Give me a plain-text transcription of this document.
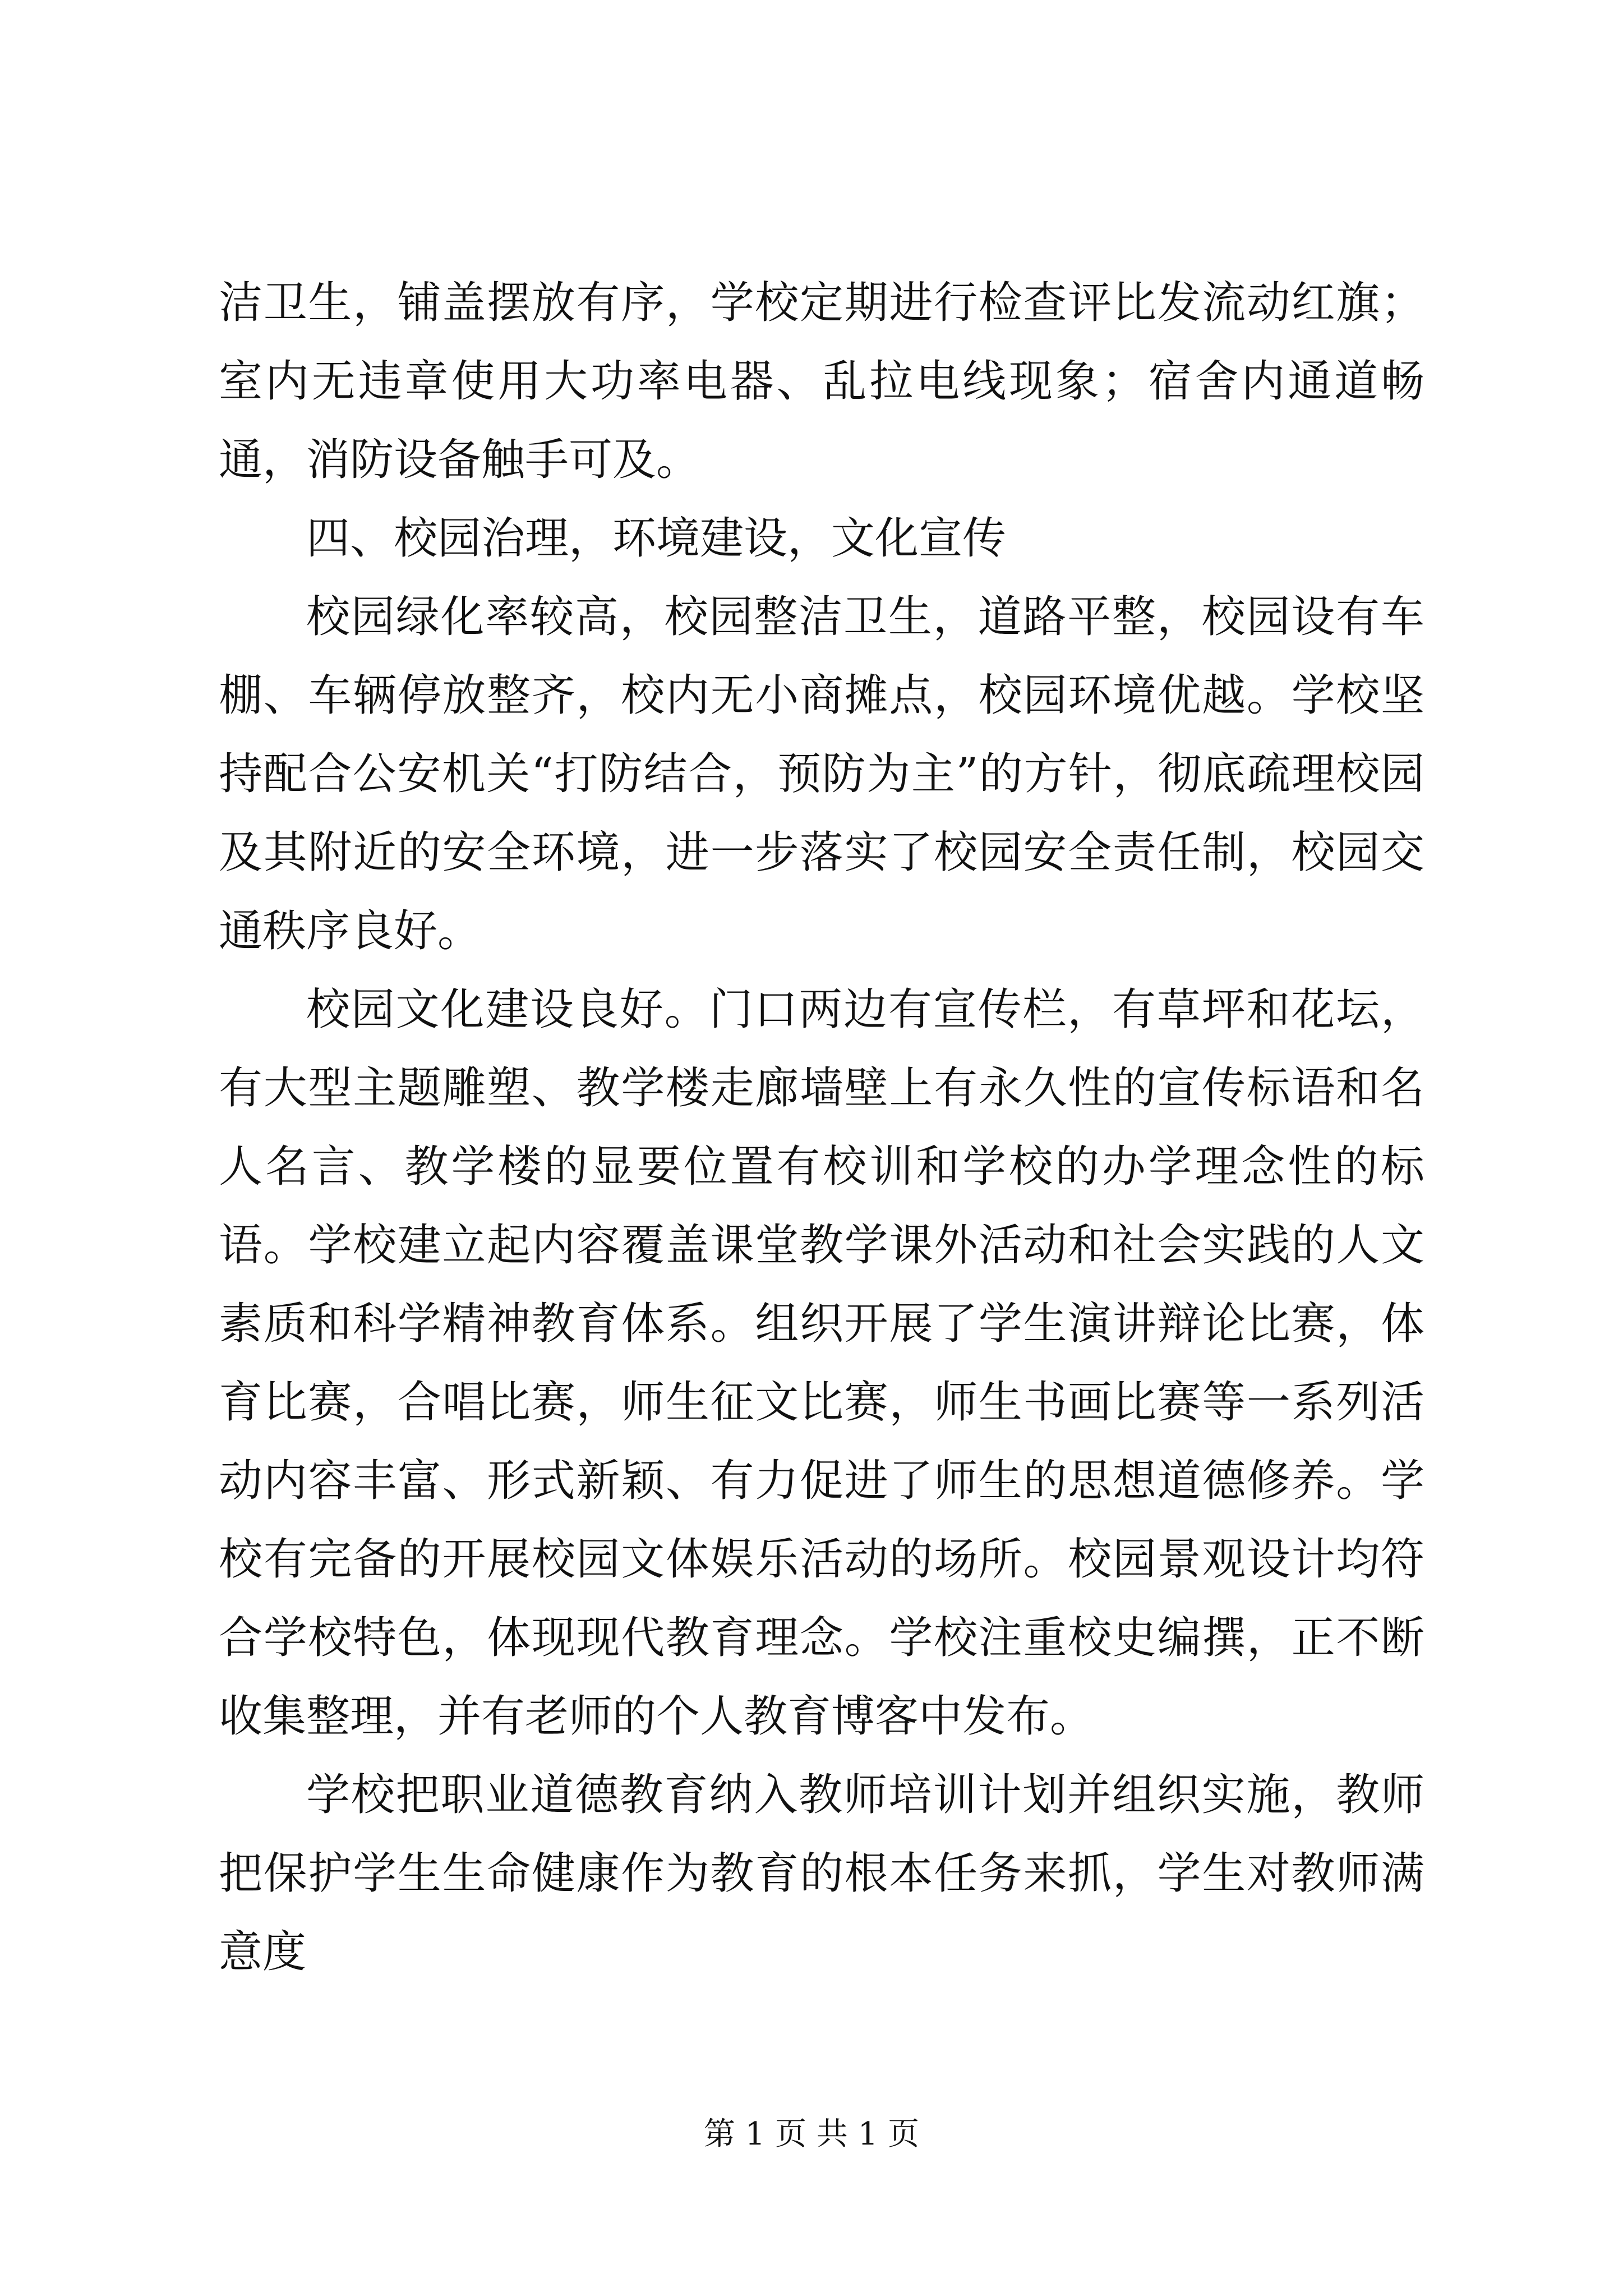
洁卫生，铺盖摆放有序，学校定期进行检查评比发流动红旗；室内无违章使用大功率电器、乱拉电线现象；宿舍内通道畅通，消防设备触手可及。

四、校园治理，环境建设，文化宣传

校园绿化率较高，校园整洁卫生，道路平整，校园设有车棚、车辆停放整齐，校内无小商摊点，校园环境优越。学校坚持配合公安机关“打防结合，预防为主”的方针，彻底疏理校园及其附近的安全环境，进一步落实了校园安全责任制，校园交通秩序良好。

校园文化建设良好。门口两边有宣传栏，有草坪和花坛，有大型主题雕塑、教学楼走廊墙壁上有永久性的宣传标语和名人名言、教学楼的显要位置有校训和学校的办学理念性的标语。学校建立起内容覆盖课堂教学课外活动和社会实践的人文素质和科学精神教育体系。组织开展了学生演讲辩论比赛，体育比赛，合唱比赛，师生征文比赛，师生书画比赛等一系列活动内容丰富、形式新颖、有力促进了师生的思想道德修养。学校有完备的开展校园文体娱乐活动的场所。校园景观设计均符合学校特色，体现现代教育理念。学校注重校史编撰，正不断收集整理，并有老师的个人教育博客中发布。

学校把职业道德教育纳入教师培训计划并组织实施，教师把保护学生生命健康作为教育的根本任务来抓，学生对教师满意度

第 1 页 共 1 页
